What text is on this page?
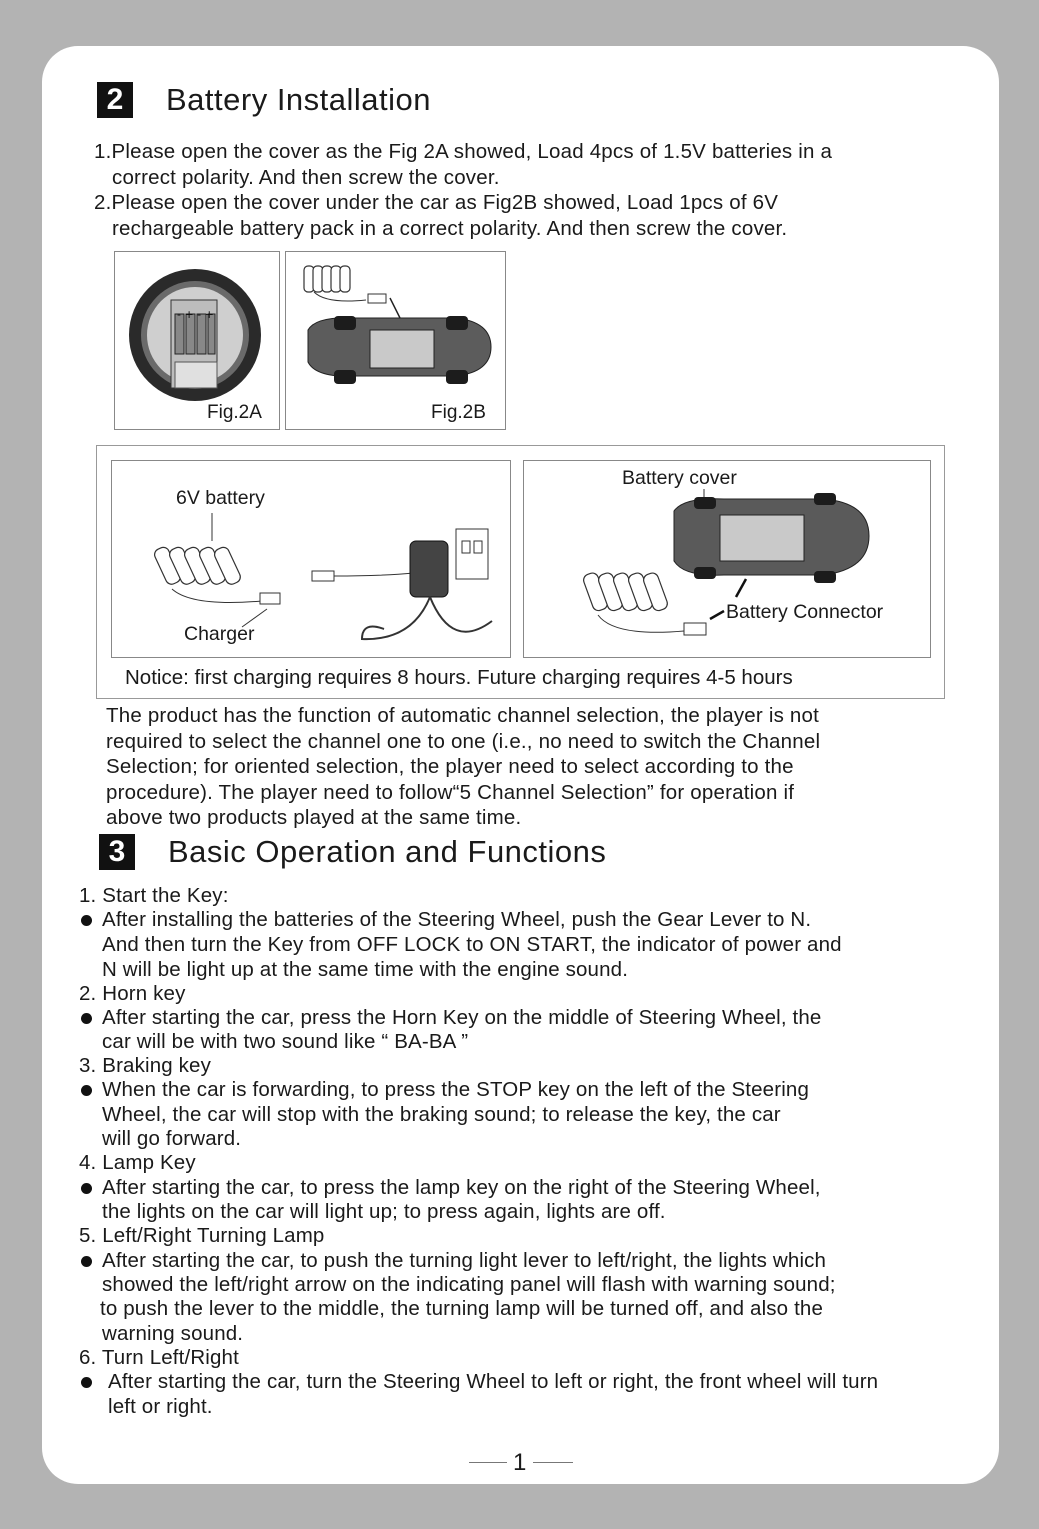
2	Battery Installation
1.Please open the cover as the Fig 2A showed, Load 4pcs of 1.5V batteries in a
correct polarity. And then screw the cover.
2.Please open the cover under the car as Fig2B showed, Load 1pcs of 6V
rechargeable battery pack in a correct polarity. And then screw the cover.
- + - +
Fig.2A	Fig.2B
6V battery
Charger
Battery cover
Battery Connector
Notice: first charging requires 8 hours. Future charging requires 4-5 hours
The product has the function of automatic channel selection, the player is not
required to select the channel one to one (i.e., no need to switch the Channel
Selection; for oriented selection, the player need to select according to the
procedure). The player need to follow“5 Channel Selection” for operation if
above two products played at the same time.
3	Basic Operation and Functions
1. Start the Key:
After installing the batteries of the Steering Wheel, push the Gear Lever to N.
And then turn the Key from OFF LOCK to ON START, the indicator of power and
N will be light up at the same time with the engine sound.
2. Horn key
After starting the car, press the Horn Key on the middle of Steering Wheel, the
car will be with two sound like “ BA-BA ”
3. Braking key
When the car is forwarding, to press the STOP key on the left of the Steering
Wheel, the car will stop with the braking sound; to release the key, the car
will go forward.
4. Lamp Key
After starting the car, to press the lamp key on the right of the Steering Wheel,
the lights on the car will light up; to press again, lights are off.
5. Left/Right Turning Lamp
After starting the car, to push the turning light lever to left/right, the lights which
showed the left/right arrow on the indicating panel will flash with warning sound;
to push the lever to the middle, the turning lamp will be turned off, and also the
warning sound.
6. Turn Left/Right
After starting the car, turn the Steering Wheel to left or right, the front wheel will turn
left or right.
1
